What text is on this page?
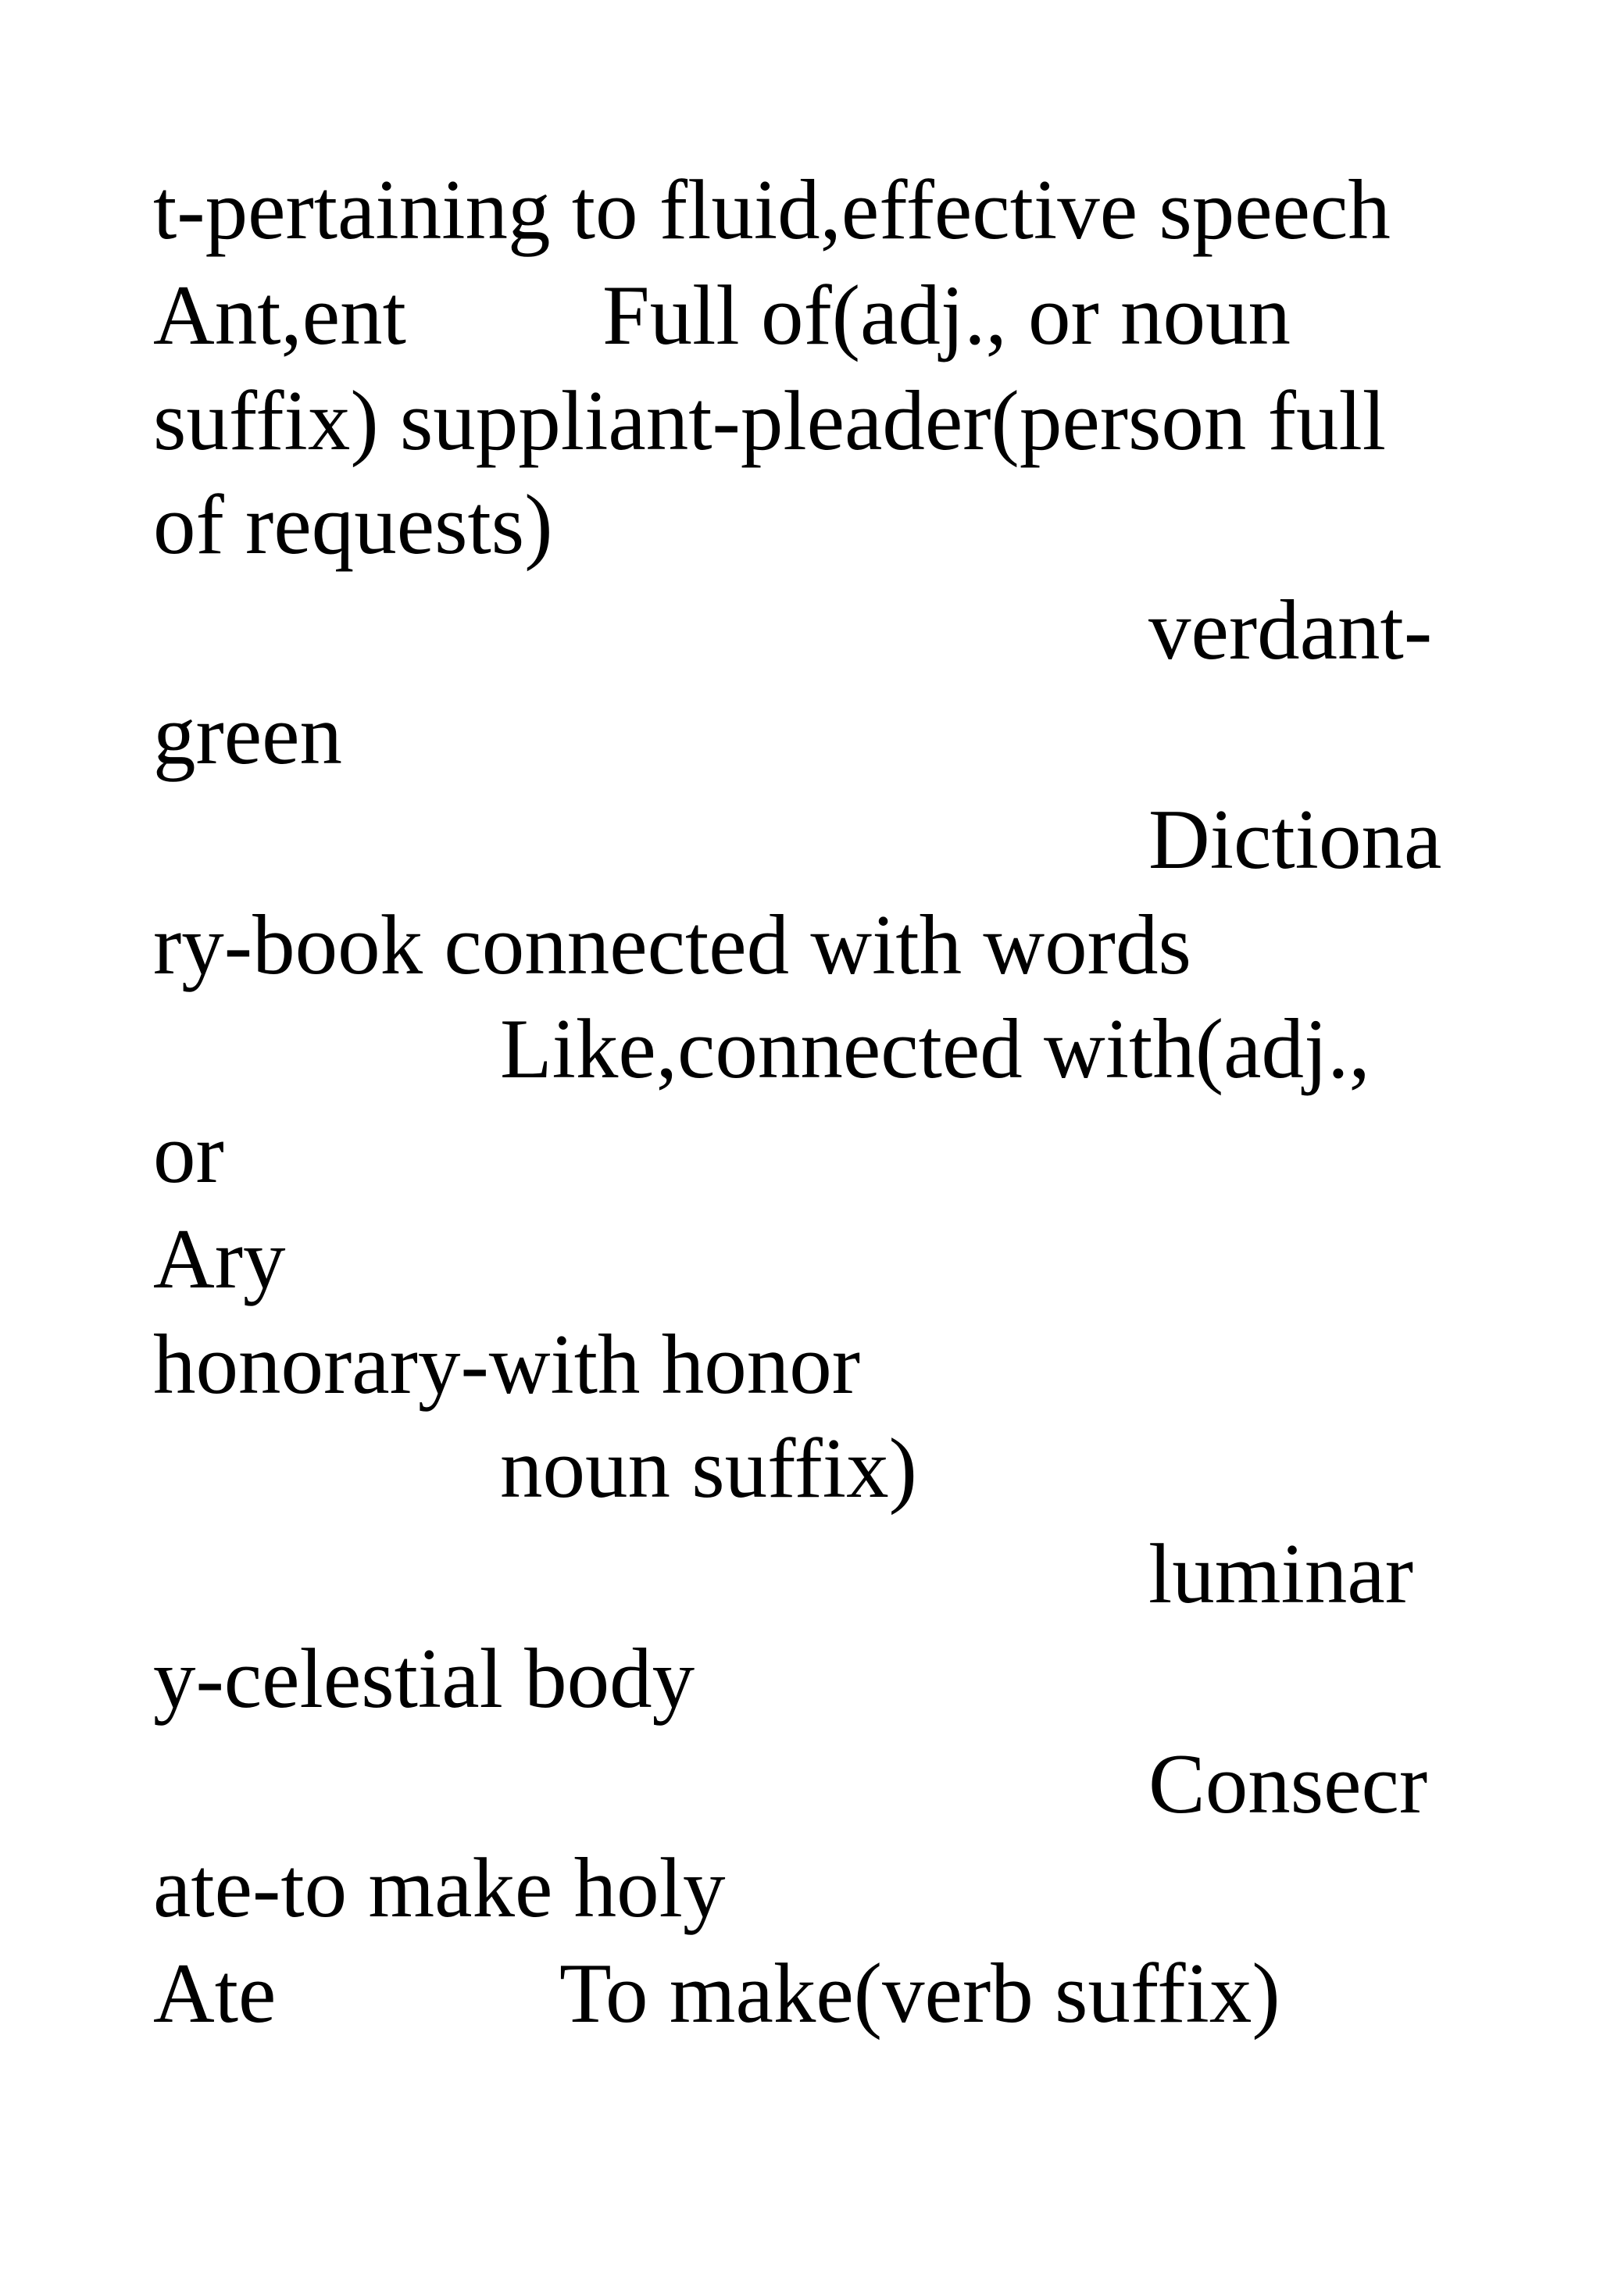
t-pertaining to fluid,effective speech

Ant,ent

Full of(adj., or noun

suffix) suppliant-pleader(person full

of requests)

verdant-

green

Dictiona

ry-book connected with words

Like,connected with(adj.,

or

Ary

honorary-with honor

noun suffix)

luminar

y-celestial body

Consecr

ate-to make holy

Ate

	To make(verb suffix)
